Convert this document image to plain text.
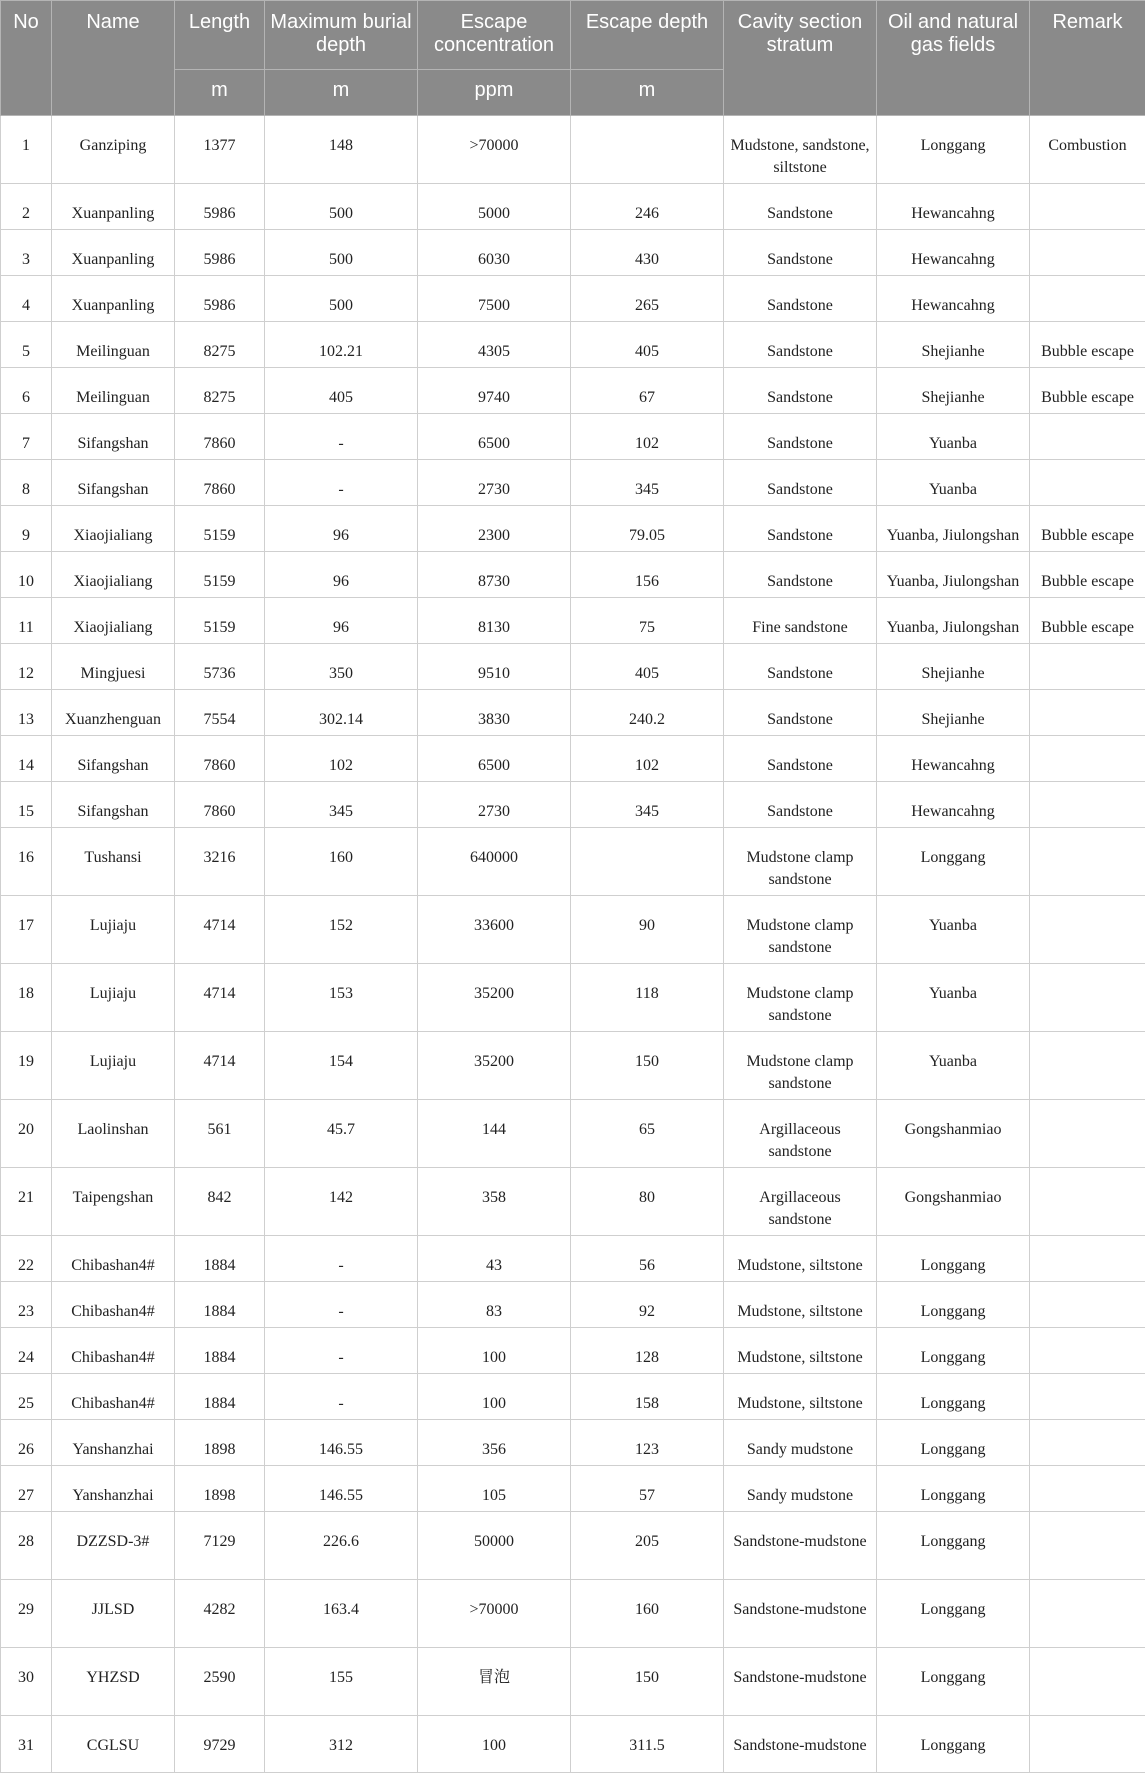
No	Name	Length	Maximum burial depth	Escape concentration	Escape depth	Cavity section stratum	Oil and natural gas fields	Remark
		m	m	ppm	m			
1	Ganziping	1377	148	>70000		Mudstone, sandstone, siltstone	Longgang	Combustion
2	Xuanpanling	5986	500	5000	246	Sandstone	Hewancahng	
3	Xuanpanling	5986	500	6030	430	Sandstone	Hewancahng	
4	Xuanpanling	5986	500	7500	265	Sandstone	Hewancahng	
5	Meilinguan	8275	102.21	4305	405	Sandstone	Shejianhe	Bubble escape
6	Meilinguan	8275	405	9740	67	Sandstone	Shejianhe	Bubble escape
7	Sifangshan	7860	-	6500	102	Sandstone	Yuanba	
8	Sifangshan	7860	-	2730	345	Sandstone	Yuanba	
9	Xiaojialiang	5159	96	2300	79.05	Sandstone	Yuanba, Jiulongshan	Bubble escape
10	Xiaojialiang	5159	96	8730	156	Sandstone	Yuanba, Jiulongshan	Bubble escape
11	Xiaojialiang	5159	96	8130	75	Fine sandstone	Yuanba, Jiulongshan	Bubble escape
12	Mingjuesi	5736	350	9510	405	Sandstone	Shejianhe	
13	Xuanzhenguan	7554	302.14	3830	240.2	Sandstone	Shejianhe	
14	Sifangshan	7860	102	6500	102	Sandstone	Hewancahng	
15	Sifangshan	7860	345	2730	345	Sandstone	Hewancahng	
16	Tushansi	3216	160	640000		Mudstone clamp sandstone	Longgang	
17	Lujiaju	4714	152	33600	90	Mudstone clamp sandstone	Yuanba	
18	Lujiaju	4714	153	35200	118	Mudstone clamp sandstone	Yuanba	
19	Lujiaju	4714	154	35200	150	Mudstone clamp sandstone	Yuanba	
20	Laolinshan	561	45.7	144	65	Argillaceous sandstone	Gongshanmiao	
21	Taipengshan	842	142	358	80	Argillaceous sandstone	Gongshanmiao	
22	Chibashan4#	1884	-	43	56	Mudstone, siltstone	Longgang	
23	Chibashan4#	1884	-	83	92	Mudstone, siltstone	Longgang	
24	Chibashan4#	1884	-	100	128	Mudstone, siltstone	Longgang	
25	Chibashan4#	1884	-	100	158	Mudstone, siltstone	Longgang	
26	Yanshanzhai	1898	146.55	356	123	Sandy mudstone	Longgang	
27	Yanshanzhai	1898	146.55	105	57	Sandy mudstone	Longgang	
28	DZZSD-3#	7129	226.6	50000	205	Sandstone-mudstone	Longgang	
29	JJLSD	4282	163.4	>70000	160	Sandstone-mudstone	Longgang	
30	YHZSD	2590	155	冒泡	150	Sandstone-mudstone	Longgang	
31	CGLSU	9729	312	100	311.5	Sandstone-mudstone	Longgang	
